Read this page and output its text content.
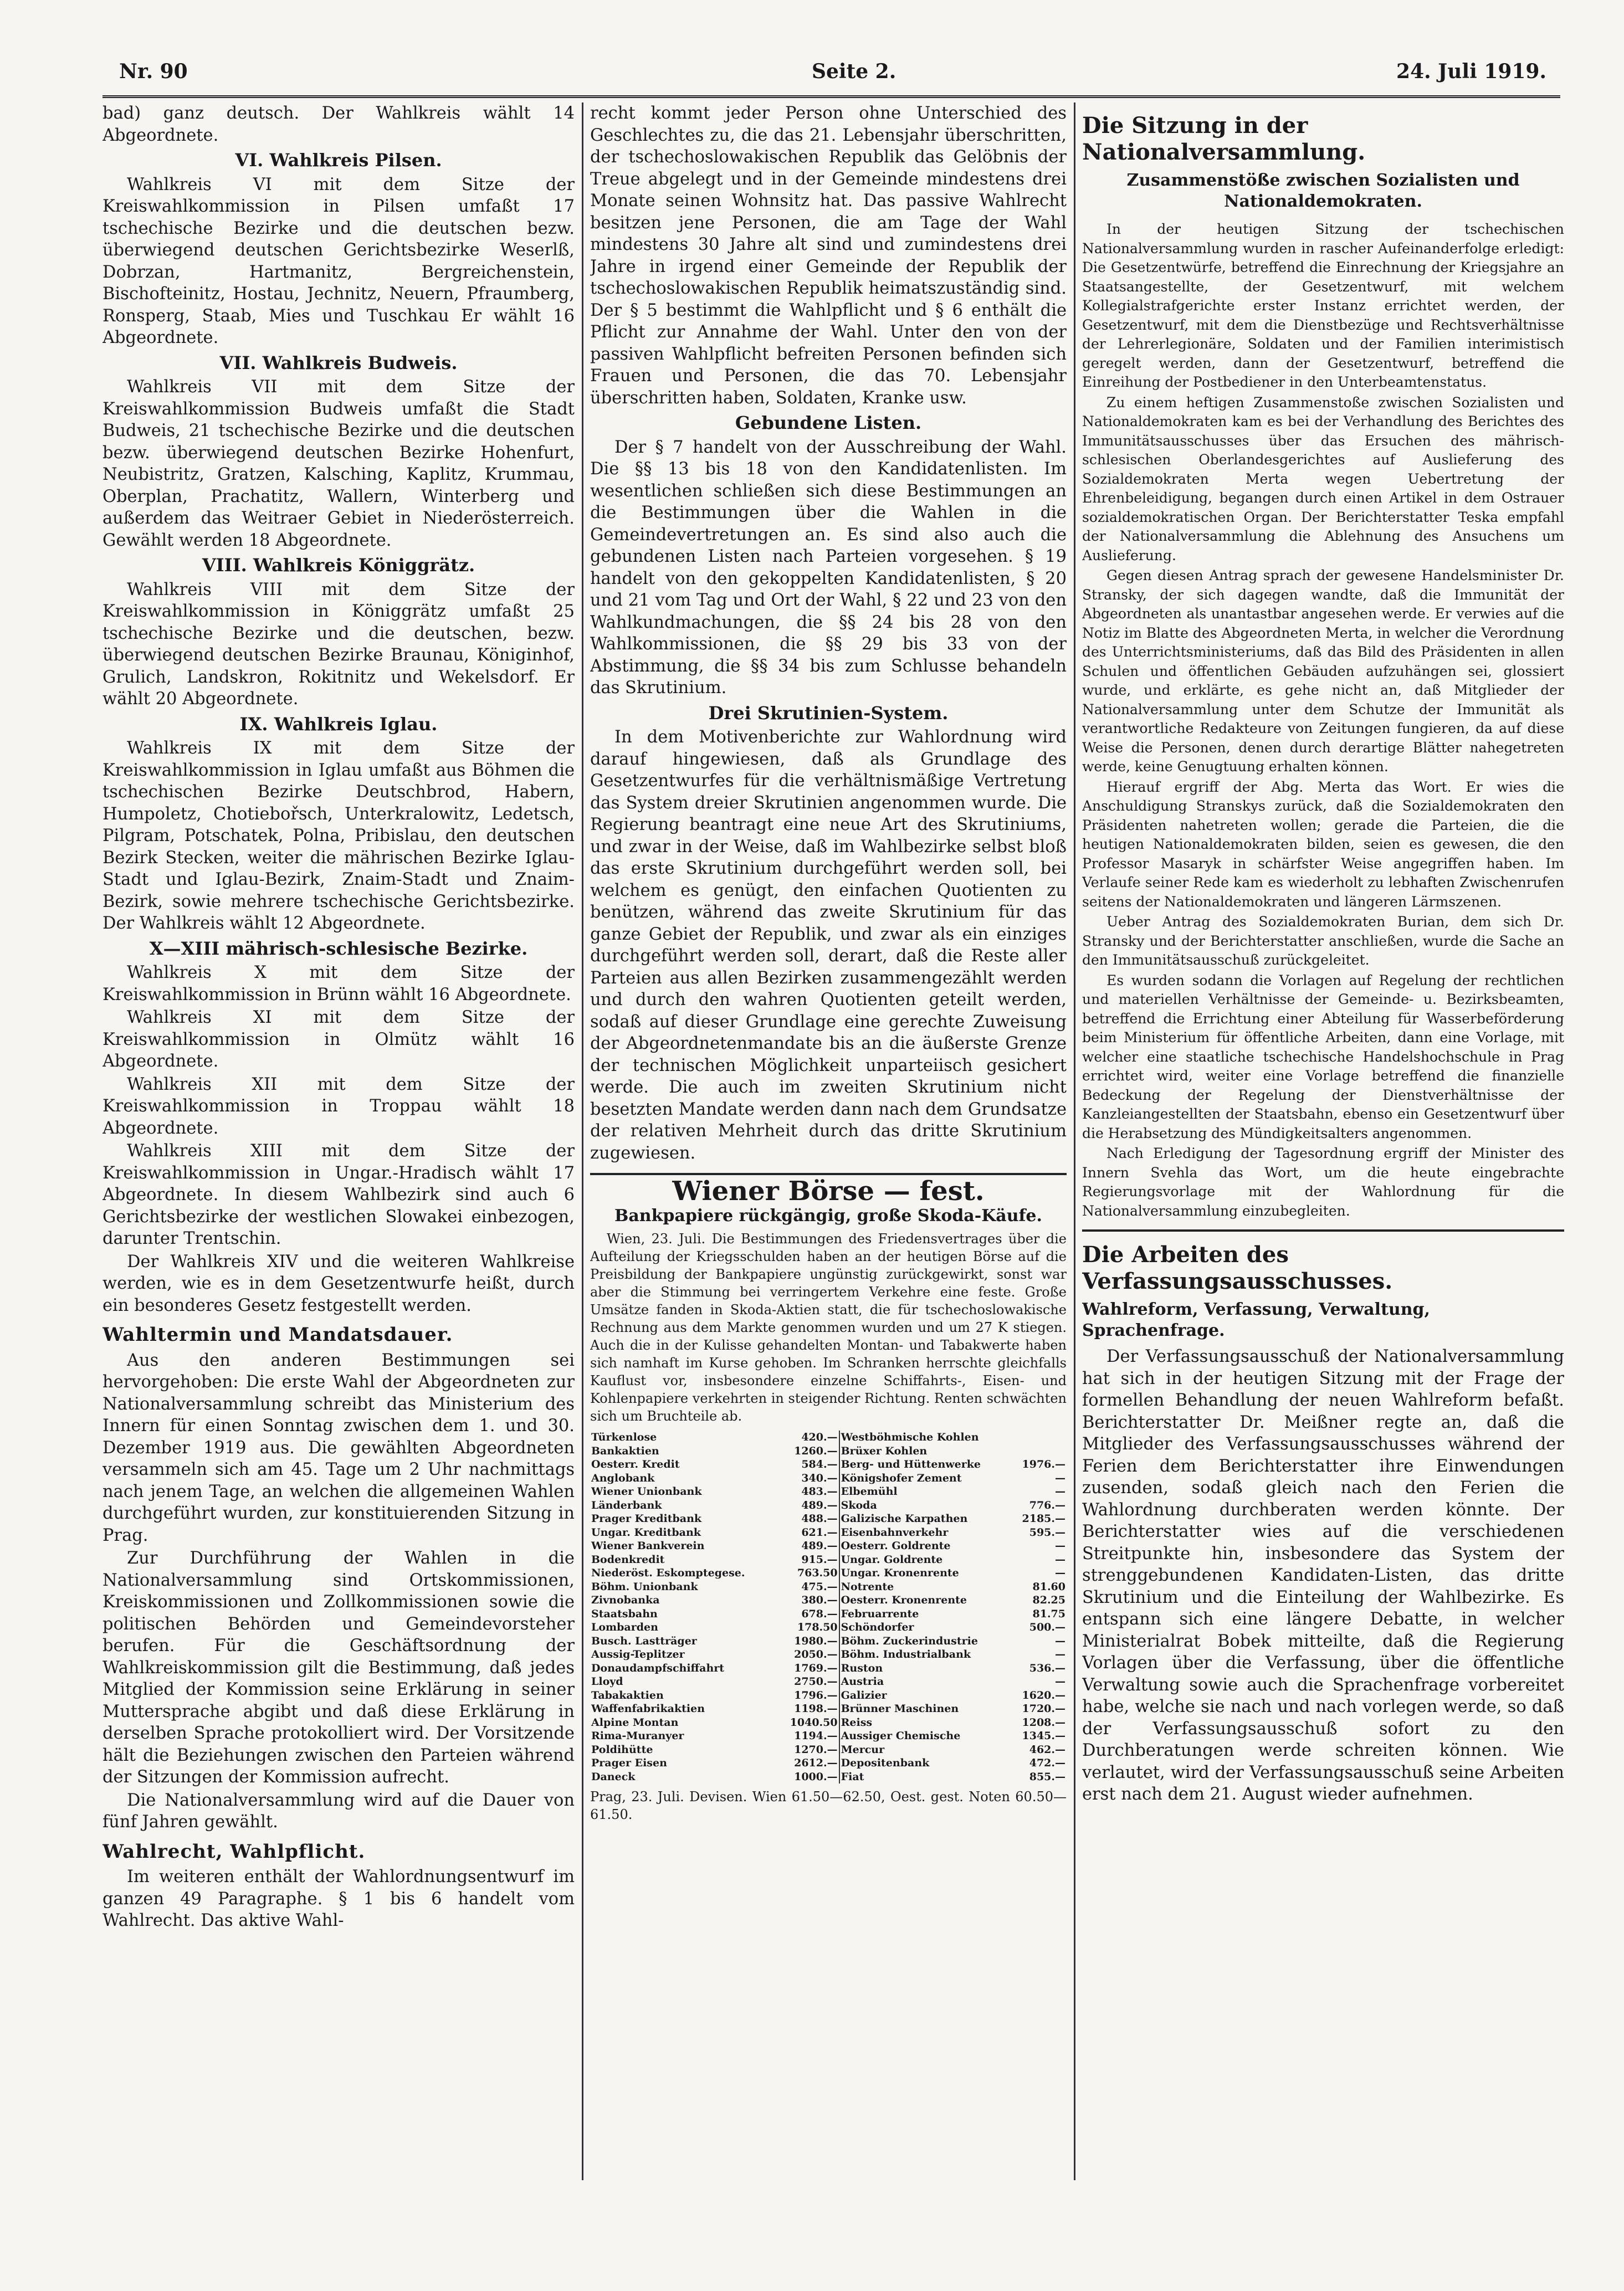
Nr. 90	Seite 2.	24. Juli 1919.

bad) ganz deutsch. Der Wahlkreis wählt 14 Abgeordnete.

VI. Wahlkreis Pilsen.

Wahlkreis VI mit dem Sitze der Kreiswahlkommission in Pilsen umfaßt 17 tschechische Bezirke und die deutschen bezw. überwiegend deutschen Gerichtsbezirke Weserlß, Dobrzan, Hartmanitz, Bergreichenstein, Bischofteinitz, Hostau, Jechnitz, Neuern, Pfraumberg, Ronsperg, Staab, Mies und Tuschkau Er wählt 16 Abgeordnete.

VII. Wahlkreis Budweis.

Wahlkreis VII mit dem Sitze der Kreiswahlkommission Budweis umfaßt die Stadt Budweis, 21 tschechische Bezirke und die deutschen bezw. überwiegend deutschen Bezirke Hohenfurt, Neubistritz, Gratzen, Kalsching, Kaplitz, Krummau, Oberplan, Prachatitz, Wallern, Winterberg und außerdem das Weitraer Gebiet in Niederösterreich. Gewählt werden 18 Abgeordnete.

VIII. Wahlkreis Königgrätz.

Wahlkreis VIII mit dem Sitze der Kreiswahlkommission in Königgrätz umfaßt 25 tschechische Bezirke und die deutschen, bezw. überwiegend deutschen Bezirke Braunau, Königinhof, Grulich, Landskron, Rokitnitz und Wekelsdorf. Er wählt 20 Abgeordnete.

IX. Wahlkreis Iglau.

Wahlkreis IX mit dem Sitze der Kreiswahlkommission in Iglau umfaßt aus Böhmen die tschechischen Bezirke Deutschbrod, Habern, Humpoletz, Chotiebořsch, Unterkralowitz, Ledetsch, Pilgram, Potschatek, Polna, Pribislau, den deutschen Bezirk Stecken, weiter die mährischen Bezirke Iglau-Stadt und Iglau-Bezirk, Znaim-Stadt und Znaim-Bezirk, sowie mehrere tschechische Gerichtsbezirke. Der Wahlkreis wählt 12 Abgeordnete.

X—XIII mährisch-schlesische Bezirke.

Wahlkreis X mit dem Sitze der Kreiswahlkommission in Brünn wählt 16 Abgeordnete.

Wahlkreis XI mit dem Sitze der Kreiswahlkommission in Olmütz wählt 16 Abgeordnete.

Wahlkreis XII mit dem Sitze der Kreiswahlkommission in Troppau wählt 18 Abgeordnete.

Wahlkreis XIII mit dem Sitze der Kreiswahlkommission in Ungar.-Hradisch wählt 17 Abgeordnete. In diesem Wahlbezirk sind auch 6 Gerichtsbezirke der westlichen Slowakei einbezogen, darunter Trentschin.

Der Wahlkreis XIV und die weiteren Wahlkreise werden, wie es in dem Gesetzentwurfe heißt, durch ein besonderes Gesetz festgestellt werden.

Wahltermin und Mandatsdauer.

Aus den anderen Bestimmungen sei hervorgehoben: Die erste Wahl der Abgeordneten zur Nationalversammlung schreibt das Ministerium des Innern für einen Sonntag zwischen dem 1. und 30. Dezember 1919 aus. Die gewählten Abgeordneten versammeln sich am 45. Tage um 2 Uhr nachmittags nach jenem Tage, an welchen die allgemeinen Wahlen durchgeführt wurden, zur konstituierenden Sitzung in Prag.

Zur Durchführung der Wahlen in die Nationalversammlung sind Ortskommissionen, Kreiskommissionen und Zollkommissionen sowie die politischen Behörden und Gemeindevorsteher berufen. Für die Geschäftsordnung der Wahlkreiskommission gilt die Bestimmung, daß jedes Mitglied der Kommission seine Erklärung in seiner Muttersprache abgibt und daß diese Erklärung in derselben Sprache protokolliert wird. Der Vorsitzende hält die Beziehungen zwischen den Parteien während der Sitzungen der Kommission aufrecht.

Die Nationalversammlung wird auf die Dauer von fünf Jahren gewählt.

Wahlrecht, Wahlpflicht.

Im weiteren enthält der Wahlordnungsentwurf im ganzen 49 Paragraphe. § 1 bis 6 handelt vom Wahlrecht. Das aktive Wahl-

recht kommt jeder Person ohne Unterschied des Geschlechtes zu, die das 21. Lebensjahr überschritten, der tschechoslowakischen Republik das Gelöbnis der Treue abgelegt und in der Gemeinde mindestens drei Monate seinen Wohnsitz hat. Das passive Wahlrecht besitzen jene Personen, die am Tage der Wahl mindestens 30 Jahre alt sind und zumindestens drei Jahre in irgend einer Gemeinde der Republik der tschechoslowakischen Republik heimatszuständig sind. Der § 5 bestimmt die Wahlpflicht und § 6 enthält die Pflicht zur Annahme der Wahl. Unter den von der passiven Wahlpflicht befreiten Personen befinden sich Frauen und Personen, die das 70. Lebensjahr überschritten haben, Soldaten, Kranke usw.

Gebundene Listen.

Der § 7 handelt von der Ausschreibung der Wahl. Die §§ 13 bis 18 von den Kandidatenlisten. Im wesentlichen schließen sich diese Bestimmungen an die Bestimmungen über die Wahlen in die Gemeindevertretungen an. Es sind also auch die gebundenen Listen nach Parteien vorgesehen. § 19 handelt von den gekoppelten Kandidatenlisten, § 20 und 21 vom Tag und Ort der Wahl, § 22 und 23 von den Wahlkundmachungen, die §§ 24 bis 28 von den Wahlkommissionen, die §§ 29 bis 33 von der Abstimmung, die §§ 34 bis zum Schlusse behandeln das Skrutinium.

Drei Skrutinien-System.

In dem Motivenberichte zur Wahlordnung wird darauf hingewiesen, daß als Grundlage des Gesetzentwurfes für die verhältnismäßige Vertretung das System dreier Skrutinien angenommen wurde. Die Regierung beantragt eine neue Art des Skrutiniums, und zwar in der Weise, daß im Wahlbezirke selbst bloß das erste Skrutinium durchgeführt werden soll, bei welchem es genügt, den einfachen Quotienten zu benützen, während das zweite Skrutinium für das ganze Gebiet der Republik, und zwar als ein einziges durchgeführt werden soll, derart, daß die Reste aller Parteien aus allen Bezirken zusammengezählt werden und durch den wahren Quotienten geteilt werden, sodaß auf dieser Grundlage eine gerechte Zuweisung der Abgeordnetenmandate bis an die äußerste Grenze der technischen Möglichkeit unparteiisch gesichert werde. Die auch im zweiten Skrutinium nicht besetzten Mandate werden dann nach dem Grundsatze der relativen Mehrheit durch das dritte Skrutinium zugewiesen.

Wiener Börse — fest.
Bankpapiere rückgängig, große Skoda-Käufe.

Wien, 23. Juli. Die Bestimmungen des Friedensvertrages über die Aufteilung der Kriegsschulden haben an der heutigen Börse auf die Preisbildung der Bankpapiere ungünstig zurückgewirkt, sonst war aber die Stimmung bei verringertem Verkehre eine feste. Große Umsätze fanden in Skoda-Aktien statt, die für tschechoslowakische Rechnung aus dem Markte genommen wurden und um 27 K stiegen. Auch die in der Kulisse gehandelten Montan- und Tabakwerte haben sich namhaft im Kurse gehoben. Im Schranken herrschte gleichfalls Kauflust vor, insbesondere einzelne Schiffahrts-, Eisen- und Kohlenpapiere verkehrten in steigender Richtung. Renten schwächten sich um Bruchteile ab.

Türkenlose	420.—	Westböhmische Kohlen	
Bankaktien	1260.—	Brüxer Kohlen	
Oesterr. Kredit	584.—	Berg- und Hüttenwerke	1976.—
Anglobank	340.—	Königshofer Zement	—
Wiener Unionbank	483.—	Elbemühl	—
Länderbank	489.—	Skoda	776.—
Prager Kreditbank	488.—	Galizische Karpathen	2185.—
Ungar. Kreditbank	621.—	Eisenbahnverkehr	595.—
Wiener Bankverein	489.—	Oesterr. Goldrente	—
Bodenkredit	915.—	Ungar. Goldrente	—
Niederöst. Eskomptegese.	763.50	Ungar. Kronenrente	—
Böhm. Unionbank	475.—	Notrente	81.60
Zivnobanka	380.—	Oesterr. Kronenrente	82.25
Staatsbahn	678.—	Februarrente	81.75
Lombarden	178.50	Schöndorfer	500.—
Busch. Lastträger	1980.—	Böhm. Zuckerindustrie	—
Aussig-Teplitzer	2050.—	Böhm. Industrialbank	—
Donaudampfschiffahrt	1769.—	Ruston	536.—
Lloyd	2750.—	Austria	—
Tabakaktien	1796.—	Galizier	1620.—
Waffenfabrikaktien	1198.—	Brünner Maschinen	1720.—
Alpine Montan	1040.50	Reiss	1208.—
Rima-Muranyer	1194.—	Aussiger Chemische	1345.—
Poldihütte	1270.—	Mercur	462.—
Prager Eisen	2612.—	Depositenbank	472.—
Daneck	1000.—	Fiat	855.—
Prag, 23. Juli. Devisen. Wien 61.50—62.50, Oest. gest. Noten 60.50—61.50.
Die Sitzung in der Nationalversammlung.
Zusammenstöße zwischen Sozialisten und Nationaldemokraten.

In der heutigen Sitzung der tschechischen Nationalversammlung wurden in rascher Aufeinanderfolge erledigt: Die Gesetzentwürfe, betreffend die Einrechnung der Kriegsjahre an Staatsangestellte, der Gesetzentwurf, mit welchem Kollegialstrafgerichte erster Instanz errichtet werden, der Gesetzentwurf, mit dem die Dienstbezüge und Rechtsverhältnisse der Lehrerlegionäre, Soldaten und der Familien interimistisch geregelt werden, dann der Gesetzentwurf, betreffend die Einreihung der Postbediener in den Unterbeamtenstatus.

Zu einem heftigen Zusammenstoße zwischen Sozialisten und Nationaldemokraten kam es bei der Verhandlung des Berichtes des Immunitätsausschusses über das Ersuchen des mährisch-schlesischen Oberlandesgerichtes auf Auslieferung des Sozialdemokraten Merta wegen Uebertretung der Ehrenbeleidigung, begangen durch einen Artikel in dem Ostrauer sozialdemokratischen Organ. Der Berichterstatter Teska empfahl der Nationalversammlung die Ablehnung des Ansuchens um Auslieferung.

Gegen diesen Antrag sprach der gewesene Handelsminister Dr. Stransky, der sich dagegen wandte, daß die Immunität der Abgeordneten als unantastbar angesehen werde. Er verwies auf die Notiz im Blatte des Abgeordneten Merta, in welcher die Verordnung des Unterrichtsministeriums, daß das Bild des Präsidenten in allen Schulen und öffentlichen Gebäuden aufzuhängen sei, glossiert wurde, und erklärte, es gehe nicht an, daß Mitglieder der Nationalversammlung unter dem Schutze der Immunität als verantwortliche Redakteure von Zeitungen fungieren, da auf diese Weise die Personen, denen durch derartige Blätter nahegetreten werde, keine Genugtuung erhalten können.

Hierauf ergriff der Abg. Merta das Wort. Er wies die Anschuldigung Stranskys zurück, daß die Sozialdemokraten den Präsidenten nahetreten wollen; gerade die Parteien, die die heutigen Nationaldemokraten bilden, seien es gewesen, die den Professor Masaryk in schärfster Weise angegriffen haben. Im Verlaufe seiner Rede kam es wiederholt zu lebhaften Zwischenrufen seitens der Nationaldemokraten und längeren Lärmszenen.

Ueber Antrag des Sozialdemokraten Burian, dem sich Dr. Stransky und der Berichterstatter anschließen, wurde die Sache an den Immunitätsausschuß zurückgeleitet.

Es wurden sodann die Vorlagen auf Regelung der rechtlichen und materiellen Verhältnisse der Gemeinde- u. Bezirksbeamten, betreffend die Errichtung einer Abteilung für Wasserbeförderung beim Ministerium für öffentliche Arbeiten, dann eine Vorlage, mit welcher eine staatliche tschechische Handelshochschule in Prag errichtet wird, weiter eine Vorlage betreffend die finanzielle Bedeckung der Regelung der Dienstverhältnisse der Kanzleiangestellten der Staatsbahn, ebenso ein Gesetzentwurf über die Herabsetzung des Mündigkeitsalters angenommen.

Nach Erledigung der Tagesordnung ergriff der Minister des Innern Svehla das Wort, um die heute eingebrachte Regierungsvorlage mit der Wahlordnung für die Nationalversammlung einzubegleiten.

Die Arbeiten des Verfassungsausschusses.
Wahlreform, Verfassung, Verwaltung, Sprachenfrage.

Der Verfassungsausschuß der Nationalversammlung hat sich in der heutigen Sitzung mit der Frage der formellen Behandlung der neuen Wahlreform befaßt. Berichterstatter Dr. Meißner regte an, daß die Mitglieder des Verfassungsausschusses während der Ferien dem Berichterstatter ihre Einwendungen zusenden, sodaß gleich nach den Ferien die Wahlordnung durchberaten werden könnte. Der Berichterstatter wies auf die verschiedenen Streitpunkte hin, insbesondere das System der strenggebundenen Kandidaten-Listen, das dritte Skrutinium und die Einteilung der Wahlbezirke. Es entspann sich eine längere Debatte, in welcher Ministerialrat Bobek mitteilte, daß die Regierung Vorlagen über die Verfassung, über die öffentliche Verwaltung sowie auch die Sprachenfrage vorbereitet habe, welche sie nach und nach vorlegen werde, so daß der Verfassungsausschuß sofort zu den Durchberatungen werde schreiten können. Wie verlautet, wird der Verfassungsausschuß seine Arbeiten erst nach dem 21. August wieder aufnehmen.
